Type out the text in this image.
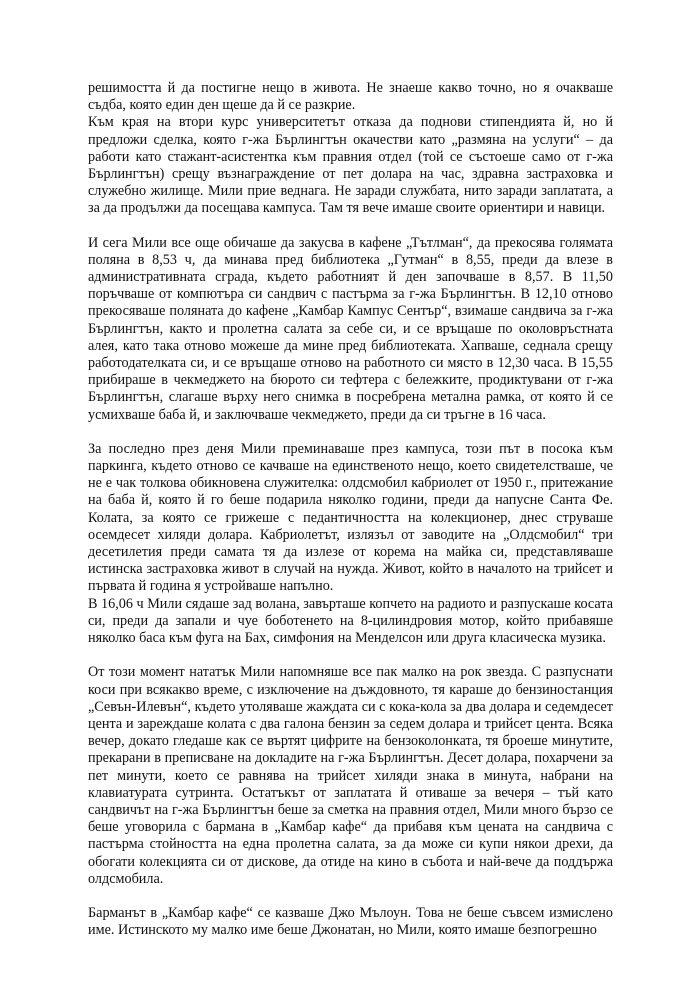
решимостта й да постигне нещо в живота. Не знаеше какво точно, но я очакваше съдба, която един ден щеше да й се разкрие.

Към края на втори курс университетът отказа да поднови стипендията й, но й предложи сделка, която г-жа Бърлингтън окачестви като „размяна на услуги“ – да работи като стажант-асистентка към правния отдел (той се състоеше само от г-жа Бърлингтън) срещу възнаграждение от пет долара на час, здравна застраховка и служебно жилище. Мили прие веднага. Не заради службата, нито заради заплатата, а за да продължи да посещава кампуса. Там тя вече имаше своите ориентири и навици.

И сега Мили все още обичаше да закусва в кафене „Тътлман“, да прекосява голямата поляна в 8,53 ч, да минава пред библиотека „Гутман“ в 8,55, преди да влезе в административната сграда, където работният й ден започваше в 8,57. В 11,50 поръчваше от компютъра си сандвич с пастърма за г-жа Бърлингтън. В 12,10 отново прекосяваше поляната до кафене „Камбар Кампус Сентър“, взимаше сандвича за г-жа Бърлингтън, както и пролетна салата за себе си, и се връщаше по околовръстната алея, като така отново можеше да мине пред библиотеката. Хапваше, седнала срещу работодателката си, и се връщаше отново на работното си място в 12,30 часа. В 15,55 прибираше в чекмеджето на бюрото си тефтера с бележките, продиктувани от г-жа Бърлингтън, слагаше върху него снимка в посребрена метална рамка, от която й се усмихваше баба й, и заключваше чекмеджето, преди да си тръгне в 16 часа.

За последно през деня Мили преминаваше през кампуса, този път в посока към паркинга, където отново се качваше на единственото нещо, което свидетелстваше, че не е чак толкова обикновена служителка: олдсмобил кабриолет от 1950 г., притежание на баба й, която й го беше подарила няколко години, преди да напусне Санта Фе. Колата, за която се грижеше с педантичността на колекционер, днес струваше осемдесет хиляди долара. Кабриолетът, излязъл от заводите на „Олдсмобил“ три десетилетия преди самата тя да излезе от корема на майка си, представляваше истинска застраховка живот в случай на нужда. Живот, който в началото на трийсет и първата й година я устройваше напълно.

В 16,06 ч Мили сядаше зад волана, завърташе копчето на радиото и разпускаше косата си, преди да запали и чуе боботенето на 8-цилиндровия мотор, който прибавяше няколко баса към фуга на Бах, симфония на Менделсон или друга класическа музика.

От този момент нататък Мили напомняше все пак малко на рок звезда. С разпуснати коси при всякакво време, с изключение на дъждовното, тя караше до бензиностанция „Севън-Илевън“, където утоляваше жаждата си с кока-кола за два долара и седемдесет цента и зареждаше колата с два галона бензин за седем долара и трийсет цента. Всяка вечер, докато гледаше как се въртят цифрите на бензоколонката, тя броеше минутите, прекарани в преписване на докладите на г-жа Бърлингтън. Десет долара, похарчени за пет минути, което се равнява на трийсет хиляди знака в минута, набрани на клавиатурата сутринта. Остатъкът от заплатата й отиваше за вечеря – тъй като сандвичът на г-жа Бърлингтън беше за сметка на правния отдел, Мили много бързо се беше уговорила с бармана в „Камбар кафе“ да прибавя към цената на сандвича с пастърма стойността на една пролетна салата, за да може си купи някои дрехи, да обогати колекцията си от дискове, да отиде на кино в събота и най-вече да поддържа олдсмобила.

Барманът в „Камбар кафе“ се казваше Джо Мълоун. Това не беше съвсем измислено име. Истинското му малко име беше Джонатан, но Мили, която имаше безпогрешно
